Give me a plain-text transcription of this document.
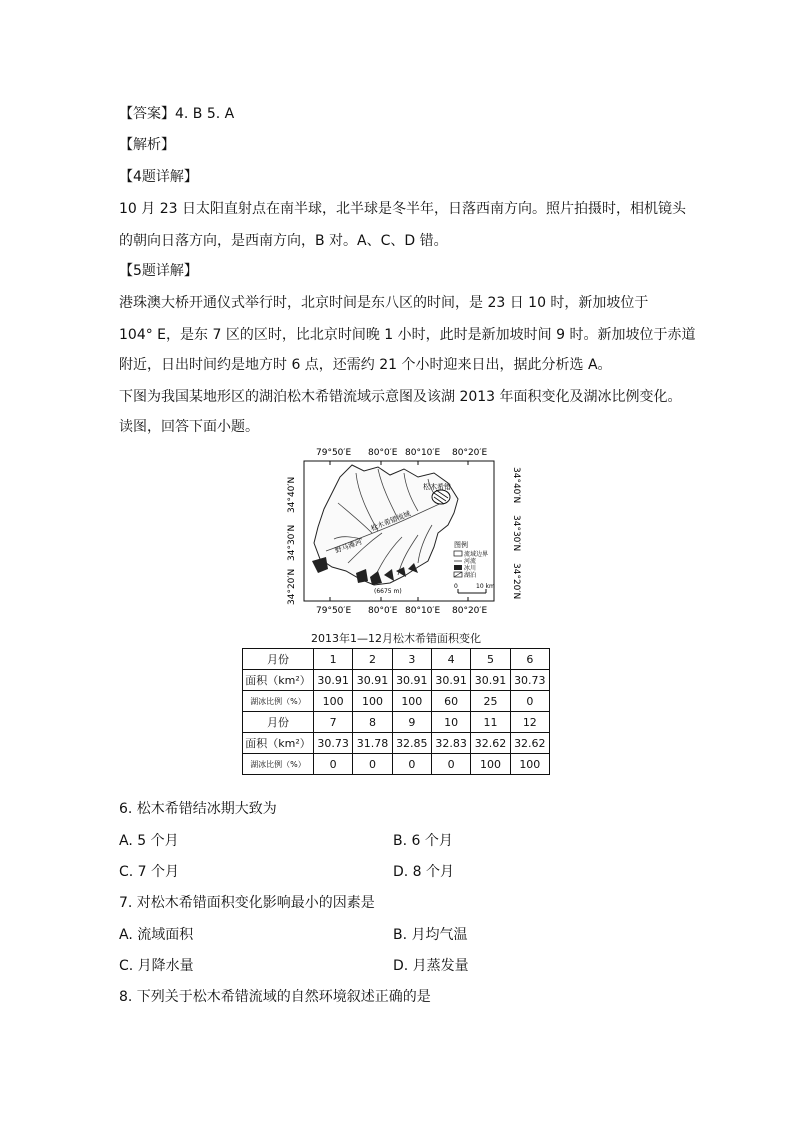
【答案】4. B 5. A
【解析】
【4题详解】
10 月 23 日太阳直射点在南半球，北半球是冬半年，日落西南方向。照片拍摄时，相机镜头
的朝向日落方向，是西南方向，B 对。A、C、D 错。
【5题详解】
港珠澳大桥开通仪式举行时，北京时间是东八区的时间，是 23 日 10 时，新加坡位于
104° E，是东 7 区的区时，比北京时间晚 1 小时，此时是新加坡时间 9 时。新加坡位于赤道
附近，日出时间约是地方时 6 点，还需约 21 个小时迎来日出，据此分析选 A。
下图为我国某地形区的湖泊松木希错流域示意图及该湖 2013 年面积变化及湖冰比例变化。
读图，回答下面小题。
79°50′E 80°0′E 80°10′E 80°20′E
79°50′E 80°0′E 80°10′E 80°20′E
34°40′N
34°30′N
34°20′N
34°40′N
34°30′N
34°20′N
松木希错
野马滩河
松木希错流域
(6675 m)
图例
流域边界
河流
冰川
湖泊
0	10 km
2013年1—12月松木希错面积变化
月份	1	2	3	4	5	6
面积（km²）	30.91	30.91	30.91	30.91	30.91	30.73
湖冰比例（%）	100	100	100	60	25	0
月份	7	8	9	10	11	12
面积（km²）	30.73	31.78	32.85	32.83	32.62	32.62
湖冰比例（%）	0	0	0	0	100	100
6. 松木希错结冰期大致为
A. 5 个月	B. 6 个月
C. 7 个月	D. 8 个月
7. 对松木希错面积变化影响最小的因素是
A. 流域面积	B. 月均气温
C. 月降水量	D. 月蒸发量
8. 下列关于松木希错流域的自然环境叙述正确的是
